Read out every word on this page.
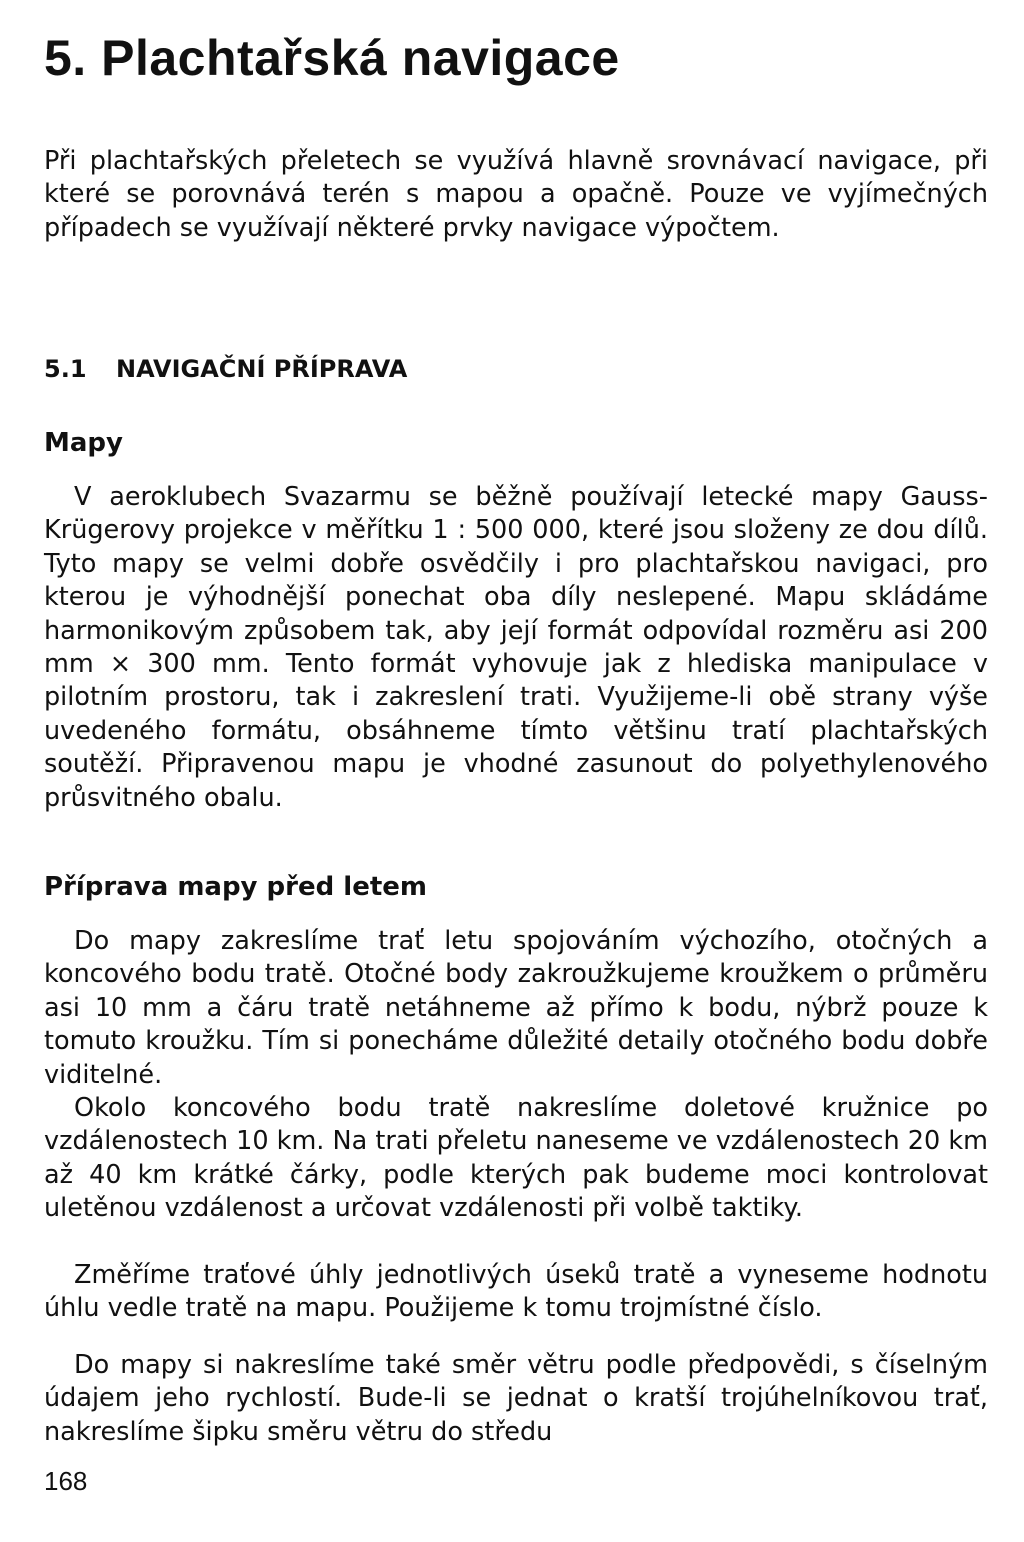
5. Plachtařská navigace

Při plachtařských přeletech se využívá hlavně srovnávací navigace, při které se porovnává terén s mapou a opačně. Pouze ve vyjímečných případech se využívají některé prvky navigace výpočtem.

5.1 NAVIGAČNÍ PŘÍPRAVA
Mapy

V aeroklubech Svazarmu se běžně používají letecké mapy Gauss-Krügerovy projekce v měřítku 1 : 500 000, které jsou složeny ze dou dílů. Tyto mapy se velmi dobře osvědčily i pro plachtařskou navigaci, pro kterou je výhodnější ponechat oba díly neslepené. Mapu skládáme harmonikovým způsobem tak, aby její formát odpovídal rozměru asi 200 mm × 300 mm. Tento formát vyhovuje jak z hlediska manipulace v pilotním prostoru, tak i zakreslení trati. Využijeme-li obě strany výše uvedeného formátu, obsáhneme tímto většinu tratí plachtařských soutěží. Připravenou mapu je vhodné zasunout do polyethylenového průsvitného obalu.

Příprava mapy před letem

Do mapy zakreslíme trať letu spojováním výchozího, otočných a koncového bodu tratě. Otočné body zakroužkujeme kroužkem o průměru asi 10 mm a čáru tratě netáhneme až přímo k bodu, nýbrž pouze k tomuto kroužku. Tím si ponecháme důležité detaily otočného bodu dobře viditelné.

Okolo koncového bodu tratě nakreslíme doletové kružnice po vzdálenostech 10 km. Na trati přeletu naneseme ve vzdálenostech 20 km až 40 km krátké čárky, podle kterých pak budeme moci kontrolovat uletěnou vzdálenost a určovat vzdálenosti při volbě taktiky.

Změříme traťové úhly jednotlivých úseků tratě a vyneseme hodnotu úhlu vedle tratě na mapu. Použijeme k tomu trojmístné číslo.

Do mapy si nakreslíme také směr větru podle předpovědi, s číselným údajem jeho rychlostí. Bude-li se jednat o kratší trojúhelníkovou trať, nakreslíme šipku směru větru do středu

168
